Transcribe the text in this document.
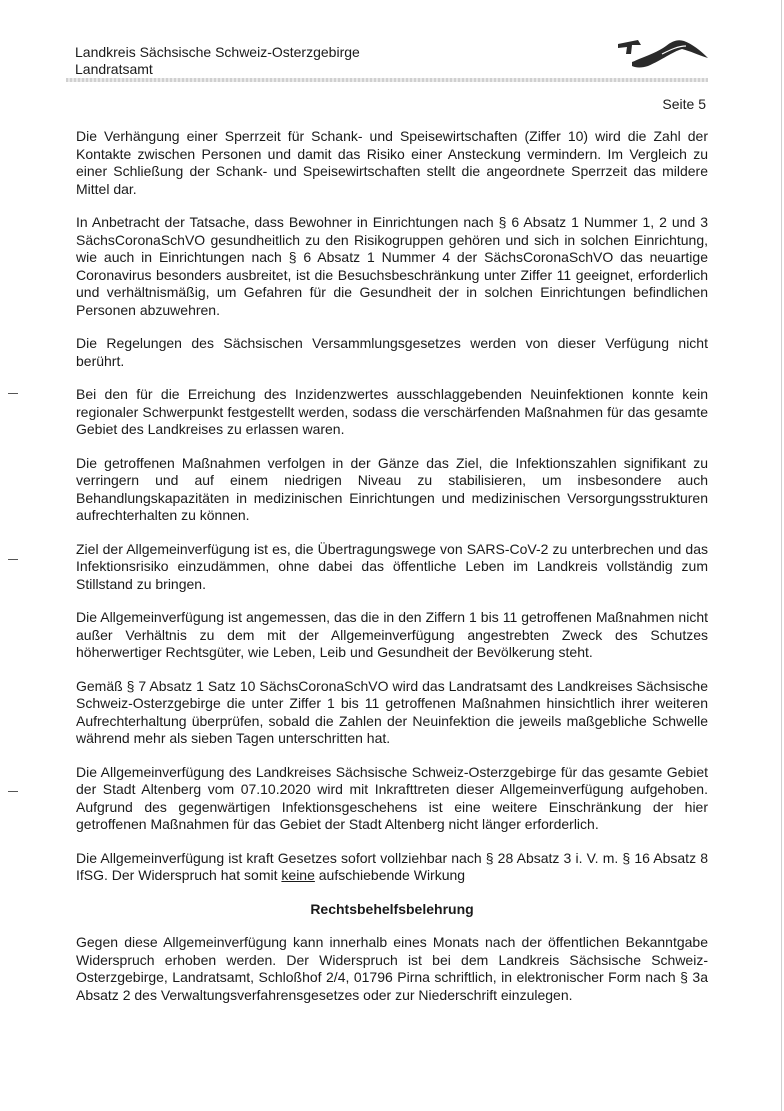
Landkreis Sächsische Schweiz-Osterzgebirge
Landratsamt
Seite 5

Die Verhängung einer Sperrzeit für Schank- und Speisewirtschaften (Ziffer 10) wird die Zahl der Kontakte zwischen Personen und damit das Risiko einer Ansteckung vermindern. Im Vergleich zu einer Schließung der Schank- und Speisewirtschaften stellt die angeordnete Sperrzeit das mildere Mittel dar.

In Anbetracht der Tatsache, dass Bewohner in Einrichtungen nach § 6 Absatz 1 Nummer 1, 2 und 3 SächsCoronaSchVO gesundheitlich zu den Risikogruppen gehören und sich in solchen Einrichtung, wie auch in Einrichtungen nach § 6 Absatz 1 Nummer 4 der SächsCoronaSchVO das neuartige Coronavirus besonders ausbreitet, ist die Besuchsbeschränkung unter Ziffer 11 geeignet, erforderlich und verhältnismäßig, um Gefahren für die Gesundheit der in solchen Einrichtungen befindlichen Personen abzuwehren.

Die Regelungen des Sächsischen Versammlungsgesetzes werden von dieser Verfügung nicht berührt.

Bei den für die Erreichung des Inzidenzwertes ausschlaggebenden Neuinfektionen konnte kein regionaler Schwerpunkt festgestellt werden, sodass die verschärfenden Maßnahmen für das gesamte Gebiet des Landkreises zu erlassen waren.

Die getroffenen Maßnahmen verfolgen in der Gänze das Ziel, die Infektionszahlen signifikant zu verringern und auf einem niedrigen Niveau zu stabilisieren, um insbesondere auch Behandlungskapazitäten in medizinischen Einrichtungen und medizinischen Versorgungsstrukturen aufrechterhalten zu können.

Ziel der Allgemeinverfügung ist es, die Übertragungswege von SARS-CoV-2 zu unterbrechen und das Infektionsrisiko einzudämmen, ohne dabei das öffentliche Leben im Landkreis vollständig zum Stillstand zu bringen.

Die Allgemeinverfügung ist angemessen, das die in den Ziffern 1 bis 11 getroffenen Maßnahmen nicht außer Verhältnis zu dem mit der Allgemeinverfügung angestrebten Zweck des Schutzes höherwertiger Rechtsgüter, wie Leben, Leib und Gesundheit der Bevölkerung steht.

Gemäß § 7 Absatz 1 Satz 10 SächsCoronaSchVO wird das Landratsamt des Landkreises Sächsische Schweiz-Osterzgebirge die unter Ziffer 1 bis 11 getroffenen Maßnahmen hinsichtlich ihrer weiteren Aufrechterhaltung überprüfen, sobald die Zahlen der Neuinfektion die jeweils maßgebliche Schwelle während mehr als sieben Tagen unterschritten hat.

Die Allgemeinverfügung des Landkreises Sächsische Schweiz-Osterzgebirge für das gesamte Gebiet der Stadt Altenberg vom 07.10.2020 wird mit Inkrafttreten dieser Allgemeinverfügung aufgehoben. Aufgrund des gegenwärtigen Infektionsgeschehens ist eine weitere Einschränkung der hier getroffenen Maßnahmen für das Gebiet der Stadt Altenberg nicht länger erforderlich.

Die Allgemeinverfügung ist kraft Gesetzes sofort vollziehbar nach § 28 Absatz 3 i. V. m. § 16 Absatz 8 IfSG. Der Widerspruch hat somit keine aufschiebende Wirkung

Rechtsbehelfsbelehrung

Gegen diese Allgemeinverfügung kann innerhalb eines Monats nach der öffentlichen Bekanntgabe Widerspruch erhoben werden. Der Widerspruch ist bei dem Landkreis Sächsische Schweiz-Osterzgebirge, Landratsamt, Schloßhof 2/4, 01796 Pirna schriftlich, in elektronischer Form nach § 3a Absatz 2 des Verwaltungsverfahrensgesetzes oder zur Niederschrift einzulegen.
